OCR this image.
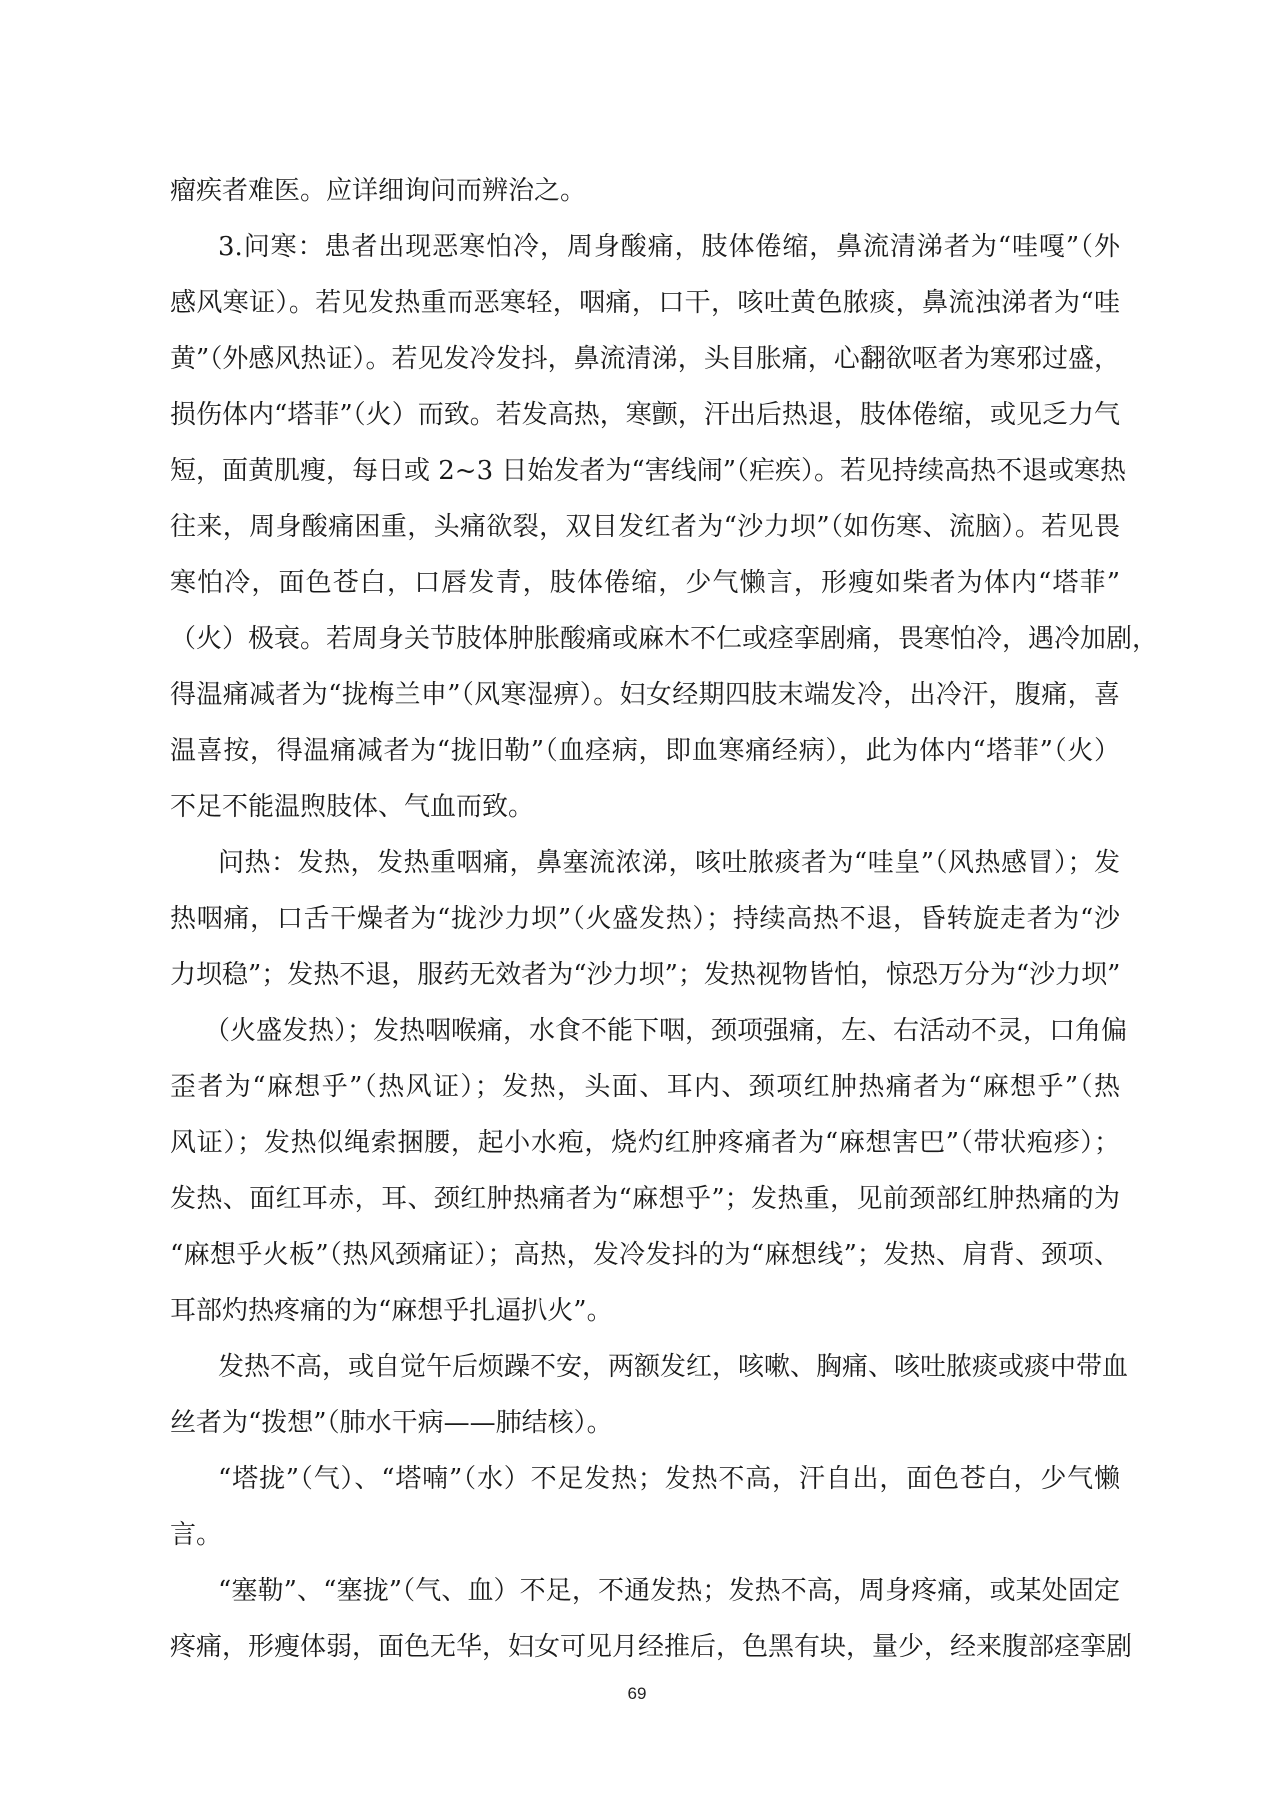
瘤疾者难医。应详细询问而辨治之。
3.问寒：患者出现恶寒怕冷，周身酸痛，肢体倦缩，鼻流清涕者为“哇嘎”（外
感风寒证）。若见发热重而恶寒轻，咽痛，口干，咳吐黄色脓痰，鼻流浊涕者为“哇
黄”（外感风热证）。若见发冷发抖，鼻流清涕，头目胀痛，心翻欲呕者为寒邪过盛，
损伤体内“塔菲”（火）而致。若发高热，寒颤，汗出后热退，肢体倦缩，或见乏力气
短，面黄肌瘦，每日或 2~3 日始发者为“害线闹”（疟疾）。若见持续高热不退或寒热
往来，周身酸痛困重，头痛欲裂，双目发红者为“沙力坝”（如伤寒、流脑）。若见畏
寒怕冷，面色苍白，口唇发青，肢体倦缩，少气懒言，形瘦如柴者为体内“塔菲”
（火）极衰。若周身关节肢体肿胀酸痛或麻木不仁或痉挛剧痛，畏寒怕冷，遇冷加剧，
得温痛减者为“拢梅兰申”（风寒湿痹）。妇女经期四肢末端发冷，出冷汗，腹痛，喜
温喜按，得温痛减者为“拢旧勒”（血痉病，即血寒痛经病），此为体内“塔菲”（火）
不足不能温煦肢体、气血而致。
问热：发热，发热重咽痛，鼻塞流浓涕，咳吐脓痰者为“哇皇”（风热感冒）；发
热咽痛，口舌干燥者为“拢沙力坝”（火盛发热）；持续高热不退，昏转旋走者为“沙
力坝稳”；发热不退，服药无效者为“沙力坝”；发热视物皆怕，惊恐万分为“沙力坝”
（火盛发热）；发热咽喉痛，水食不能下咽，颈项强痛，左、右活动不灵，口角偏
歪者为“麻想乎”（热风证）；发热，头面、耳内、颈项红肿热痛者为“麻想乎”（热
风证）；发热似绳索捆腰，起小水疱，烧灼红肿疼痛者为“麻想害巴”（带状疱疹）；
发热、面红耳赤，耳、颈红肿热痛者为“麻想乎”；发热重，见前颈部红肿热痛的为
“麻想乎火板”（热风颈痛证）；高热，发冷发抖的为“麻想线”；发热、肩背、颈项、
耳部灼热疼痛的为“麻想乎扎逼扒火”。
发热不高，或自觉午后烦躁不安，两额发红，咳嗽、胸痛、咳吐脓痰或痰中带血
丝者为“拨想”（肺水干病——肺结核）。
“塔拢”（气）、“塔喃”（水）不足发热；发热不高，汗自出，面色苍白，少气懒
言。
“塞勒”、“塞拢”（气、血）不足，不通发热；发热不高，周身疼痛，或某处固定
疼痛，形瘦体弱，面色无华，妇女可见月经推后，色黑有块，量少，经来腹部痉挛剧
69
